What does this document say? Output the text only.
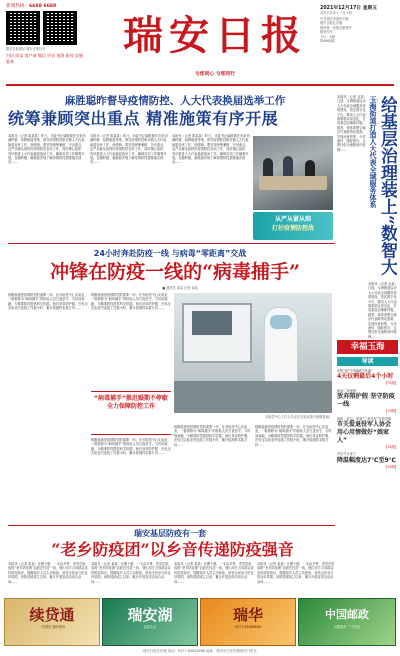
新闻热线：6688 6688
瑞安日报微信 瑞安日报抖音
扫码 阅读 客户端 微信 抖音 视频 新闻 直播 服务
瑞安日报
与您同心 与您同行
2021年12月17日 星期五
农历辛丑年十一月十四
中共瑞安市委机关报
瑞安日报社出版
国内统一连续出版物号
邮发代号：
今日：4版
第4983期
麻胜聪昨督导疫情防控、人大代表换届选举工作
统筹兼顾突出重点 精准施策有序开展
本报讯（记者 陈某某）昨日，市委书记麻胜聪先后来到湖岭镇、仙降街道等地，督导疫情防控和市镇人大代表换届选举工作。他强调，要坚持统筹兼顾、突出重点，从严从紧从细抓好疫情防控各项工作，同时精心组织、有序推进人大代表换届选举工作，确保各项工作顺利开展。在湖岭镇，麻胜聪详细了解疫情防控措施落实情况……
本报讯（记者 陈某某）昨日，市委书记麻胜聪先后来到湖岭镇、仙降街道等地，督导疫情防控和市镇人大代表换届选举工作。他强调，要坚持统筹兼顾、突出重点，从严从紧从细抓好疫情防控各项工作，同时精心组织、有序推进人大代表换届选举工作，确保各项工作顺利开展。在湖岭镇，麻胜聪详细了解疫情防控措施落实情况……
本报讯（记者 陈某某）昨日，市委书记麻胜聪先后来到湖岭镇、仙降街道等地，督导疫情防控和市镇人大代表换届选举工作。他强调，要坚持统筹兼顾、突出重点，从严从紧从细抓好疫情防控各项工作，同时精心组织、有序推进人大代表换届选举工作，确保各项工作顺利开展。在湖岭镇，麻胜聪详细了解疫情防控措施落实情况……
从严从紧从细
打好疫情防控战
本报讯（记者 金某）日前，玉海街道启动人大代表全域服务体系建设，依托数字化平台，推动人大代表联系群众常态化，打造基层治理新样板。据悉，该体系整合辖区代表联络站资源，实现民意收集、分类流转、跟踪督办、反馈评价全流程闭环管理……	玉海街道打造人大代表全域服务体系 给基层治理装上“数智大
本报讯（记者 金某）日前，玉海街道启动人大代表全域服务体系建设，依托数字化平台，推动人大代表联系群众常态化，打造基层治理新样板。据悉，该体系整合辖区代表联络站资源，实现民意收集、分类流转、跟踪督办、反馈评价全流程闭环管理……
24小时奔赴防疫一线 与病毒“零距离”交战
冲锋在防疫一线的“病毒捕手”
■ 通讯员 某某 记者 某某
核酸检测是疫情防控的重要一环。在市疾控中心实验室，一群被称为“病毒捕手”的检验人员日夜坚守，与时间赛跑，为精准防控提供科学依据。他们身穿防护服，在负压实验室内连续工作数小时，累计检测样本数万份……
核酸检测是疫情防控的重要一环。在市疾控中心实验室，一群被称为“病毒捕手”的检验人员日夜坚守，与时间赛跑，为精准防控提供科学依据。他们身穿防护服，在负压实验室内连续工作数小时，累计检测样本数万份……
“病毒捕手”推迟婚期不停歇 全力保障防控工作
核酸检测是疫情防控的重要一环。在市疾控中心实验室，一群被称为“病毒捕手”的检验人员日夜坚守，与时间赛跑，为精准防控提供科学依据。他们身穿防护服，在负压实验室内连续工作数小时，累计检测样本数万份……
市疾控中心工作人员正在实验室进行核酸检测。
核酸检测是疫情防控的重要一环。在市疾控中心实验室，一群被称为“病毒捕手”的检验人员日夜坚守，与时间赛跑，为精准防控提供科学依据。他们身穿防护服，在负压实验室内连续工作数小时，累计检测样本数万份……
核酸检测是疫情防控的重要一环。在市疾控中心实验室，一群被称为“病毒捕手”的检验人员日夜坚守，与时间赛跑，为精准防控提供科学依据。他们身穿防护服，在负压实验室内连续工作数小时，累计检测样本数万份……
幸福玉海
导读
在防“疫”中奔跑的“药速”
4天仅剩最后4个小时
【02版】
新冠二剂加强
放弃陪护假 坚守防疫一线
【03版】
组织、权益、军营“三驾马车”并驾齐驱
市关爱退役军人协会 用心用情做好“娘家人”
【04版】
冷空气又来了
降温幅度达7℃至9℃
【04版】
瑞安基层防疫有一套
“老乡防疫团”以乡音传递防疫强音
本报讯（记者 某某）在塘下镇，一支由乡贤、老党员组成的“老乡防疫团”活跃在村居一线，他们用方言向群众宣传防疫知识，提醒返乡人员主动报备，营造全民参与的良好氛围。该防疫团成立以来，累计开展宣传活动百余场……
本报讯（记者 某某）在塘下镇，一支由乡贤、老党员组成的“老乡防疫团”活跃在村居一线，他们用方言向群众宣传防疫知识，提醒返乡人员主动报备，营造全民参与的良好氛围。该防疫团成立以来，累计开展宣传活动百余场……
本报讯（记者 某某）在塘下镇，一支由乡贤、老党员组成的“老乡防疫团”活跃在村居一线，他们用方言向群众宣传防疫知识，提醒返乡人员主动报备，营造全民参与的良好氛围。该防疫团成立以来，累计开展宣传活动百余场……
本报讯（记者 某某）在塘下镇，一支由乡贤、老党员组成的“老乡防疫团”活跃在村居一线，他们用方言向群众宣传防疫知识，提醒返乡人员主动报备，营造全民参与的良好氛围。该防疫团成立以来，累计开展宣传活动百余场……
续贷通
一次授信 循环使用
瑞安湖
品质生活
瑞华
0577-65666666
中国邮政
仅限周末 三个约定
瑞安日报社出版 电话：0577-65826088 地址：瑞安市万松东路瑞安日报社
